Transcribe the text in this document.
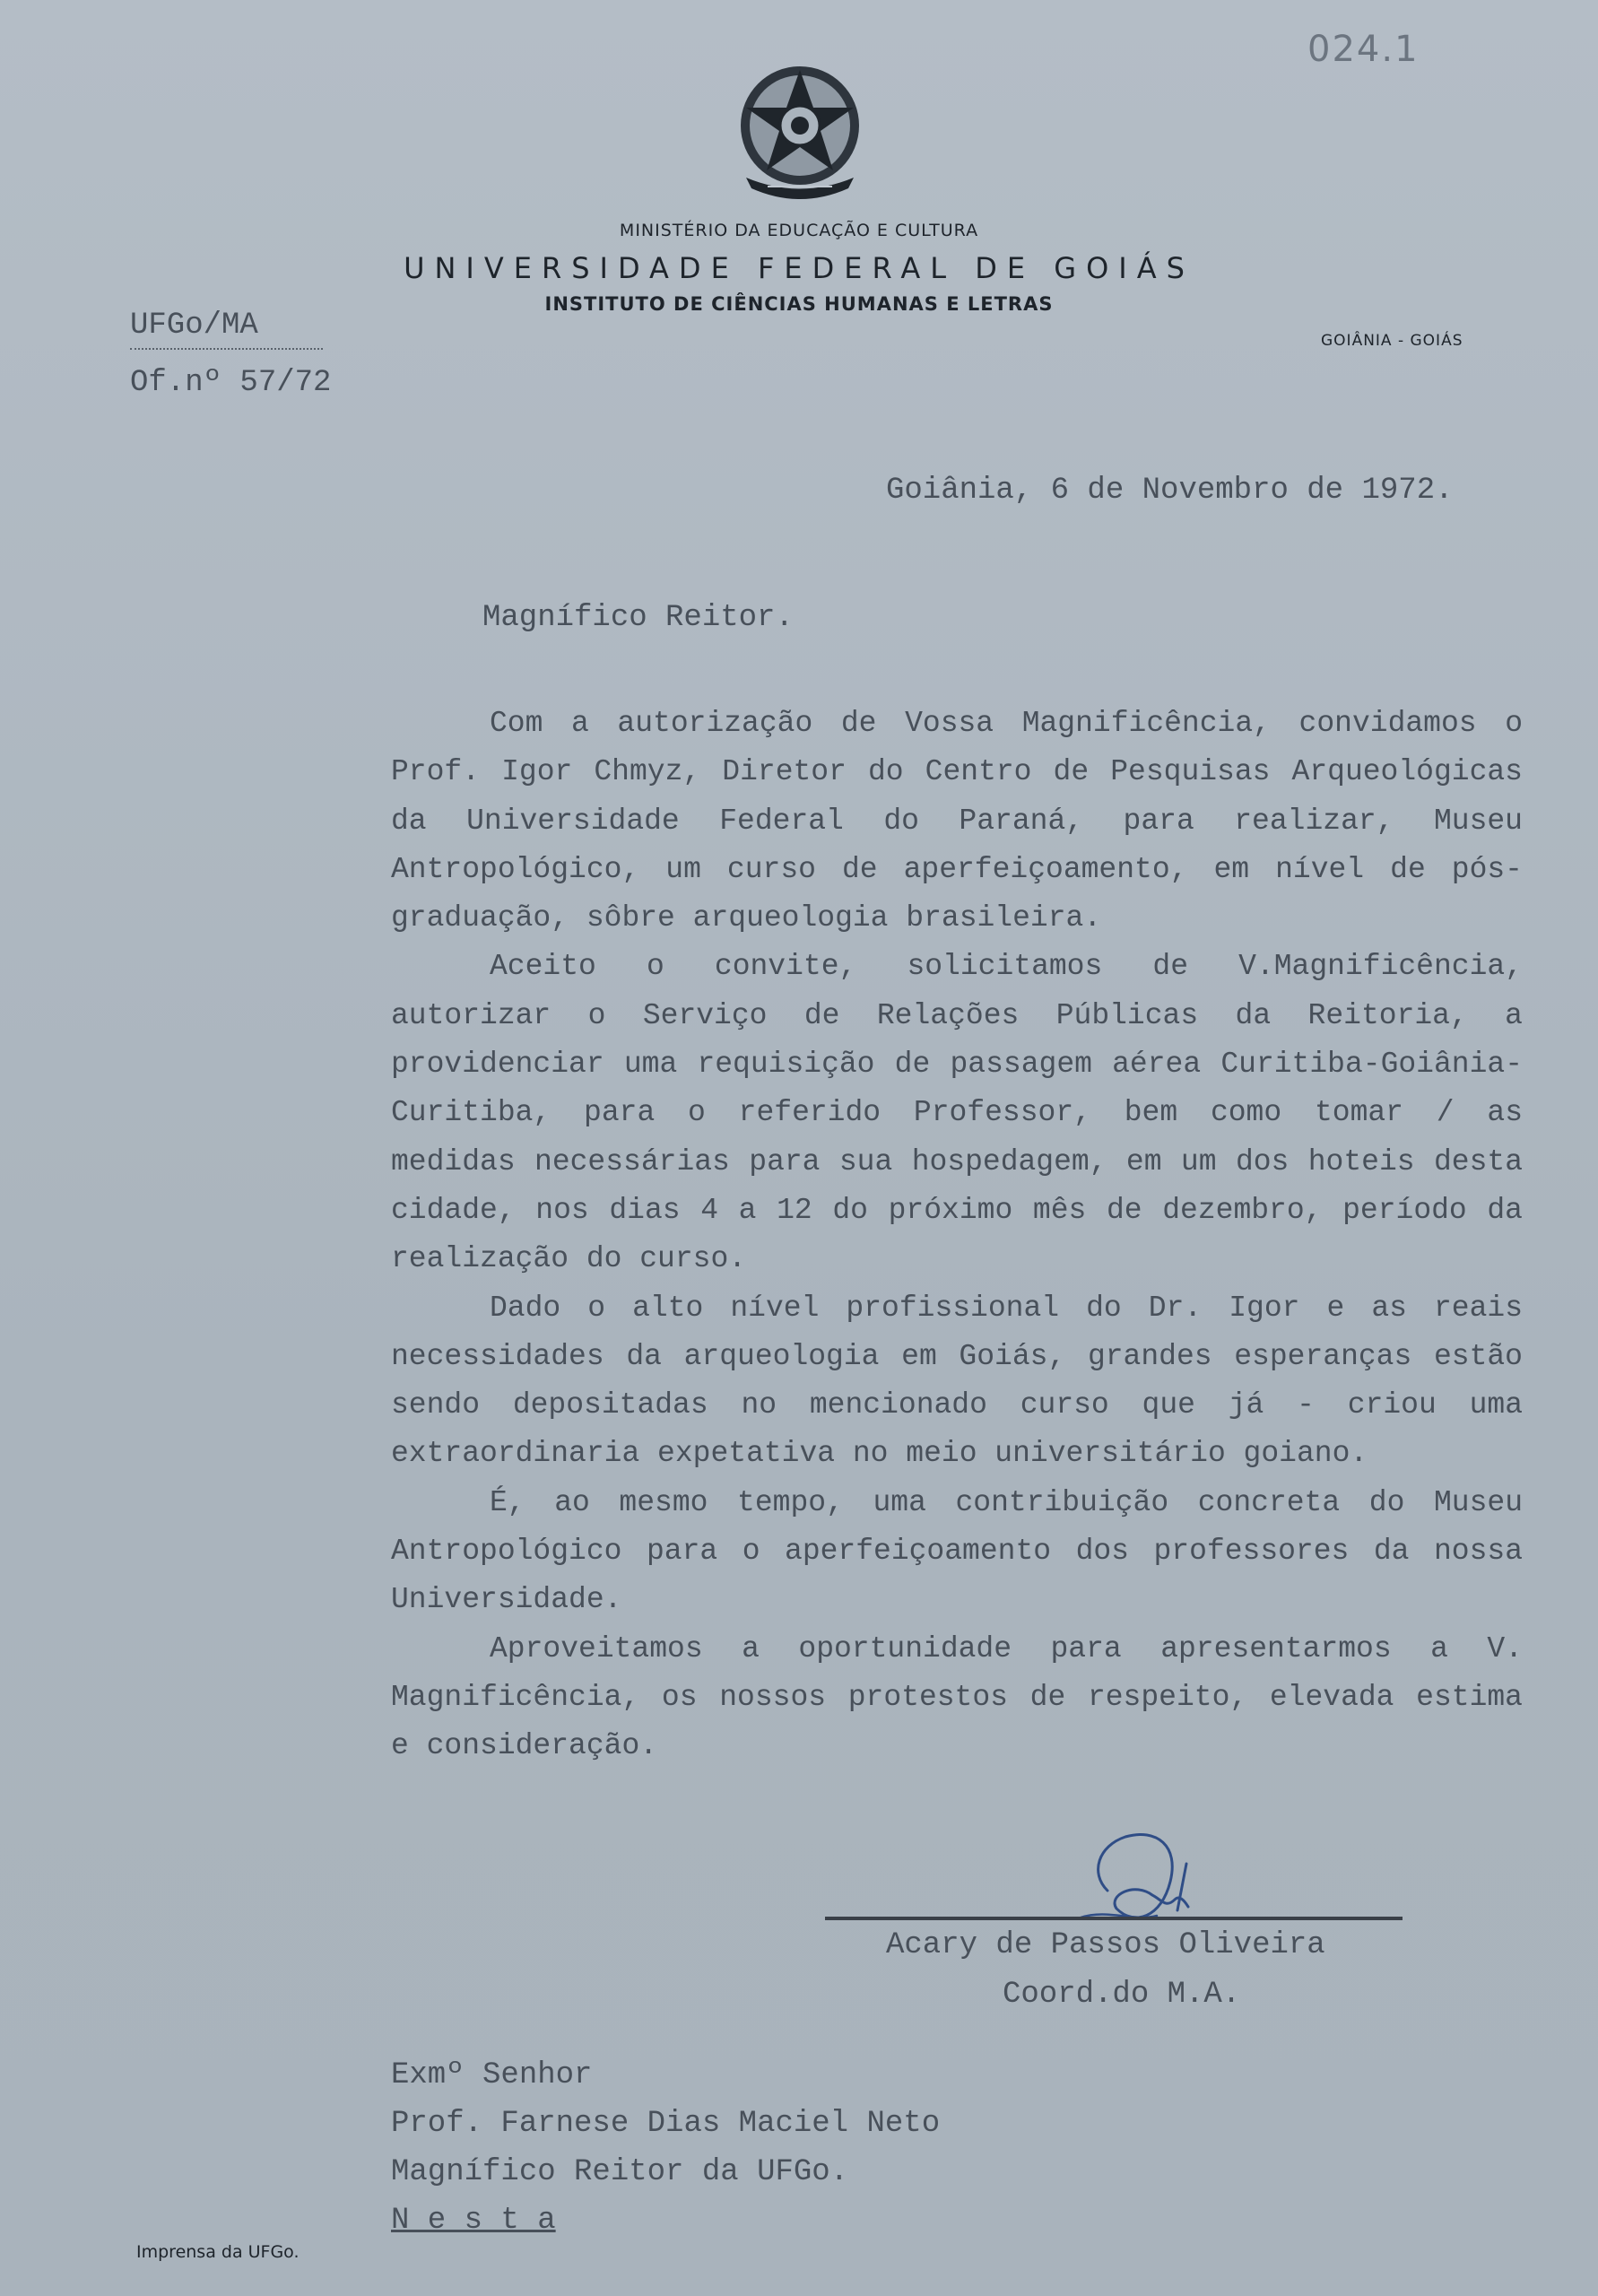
024.1
MINISTÉRIO DA EDUCAÇÃO E CULTURA
UNIVERSIDADE FEDERAL DE GOIÁS
INSTITUTO DE CIÊNCIAS HUMANAS E LETRAS
GOIÂNIA - GOIÁS
UFGo/MA
Of.nº 57/72
Goiânia, 6 de Novembro de 1972.
Magnífico Reitor.

Com a autorização de Vossa Magnificência, convidamos o Prof. Igor Chmyz, Diretor do Centro de Pesquisas Arqueológicas da Universidade Federal do Paraná, para realizar, Museu Antropológico, um curso de aperfeiçoamento, em nível de pós-graduação, sôbre arqueologia brasileira.

Aceito o convite, solicitamos de V.Magnificência, autorizar o Serviço de Relações Públicas da Reitoria, a providenciar uma requisição de passagem aérea Curitiba-Goiânia-Curitiba, para o referido Professor, bem como tomar / as medidas necessárias para sua hospedagem, em um dos hoteis desta cidade, nos dias 4 a 12 do próximo mês de dezembro, período da realização do curso.

Dado o alto nível profissional do Dr. Igor e as reais necessidades da arqueologia em Goiás, grandes esperanças estão sendo depositadas no mencionado curso que já - criou uma extraordinaria expetativa no meio universitário goiano.

É, ao mesmo tempo, uma contribuição concreta do Museu Antropológico para o aperfeiçoamento dos professores da nossa Universidade.

Aproveitamos a oportunidade para apresentarmos a V. Magnificência, os nossos protestos de respeito, elevada estima e consideração.

Acary de Passos Oliveira
Coord.do M.A.
Exmº Senhor
Prof. Farnese Dias Maciel Neto
Magnífico Reitor da UFGo.
N e s t a
Imprensa da UFGo.
